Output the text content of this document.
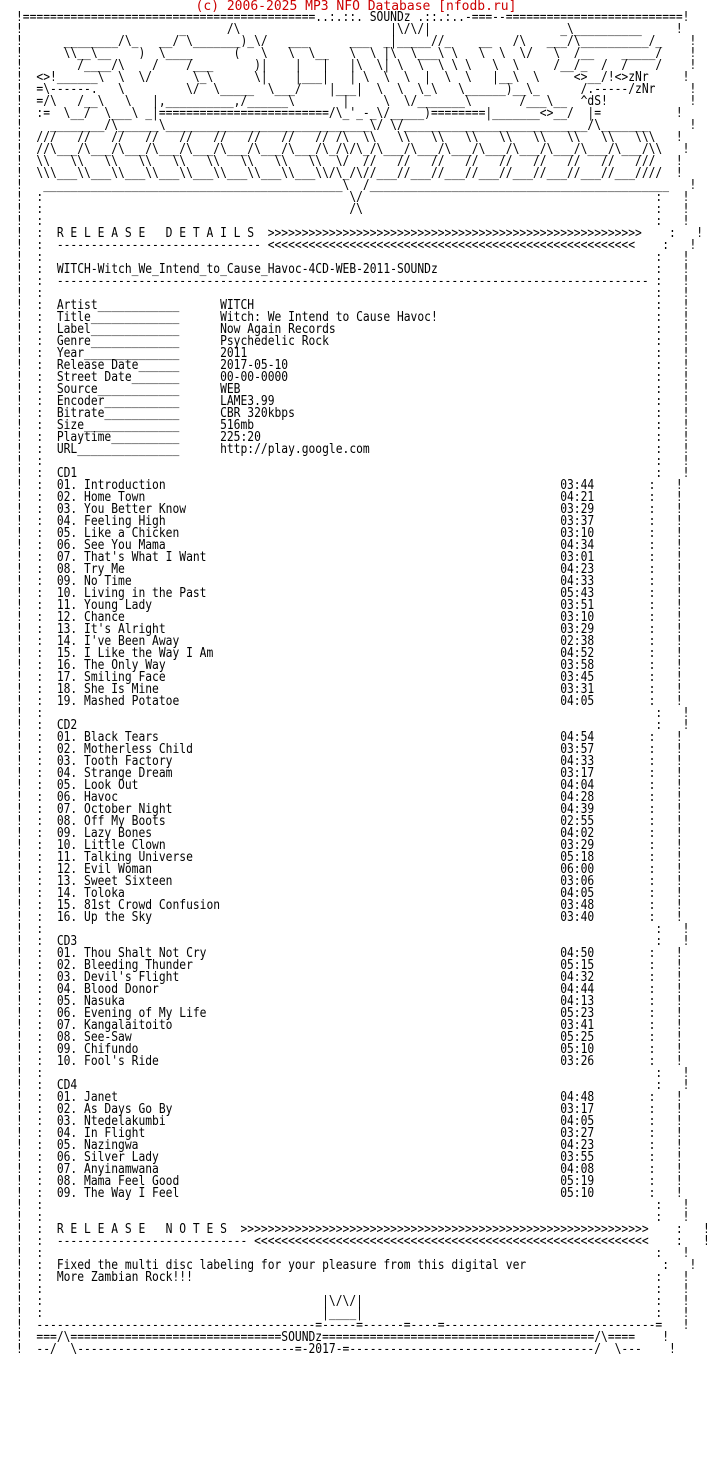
(c) 2006-2025 MP3 NFO Database [nfodb.ru]
!===========================================..:.::. SOUNDz .::.:..-===--==========================!
!                       _      /\                      |\/\/|                   _\__________     !
!      ________/\_   __/ \_______)_\/   ___      ___  _|_____//_    __   /\   ___/\__________/_    !
!      \\__\__    )  \____      (   \   \  \__   \  \ |\  \___\ \   \  \  \/   \  /__    _____/    !
!        /____/\    /    /___      )|    |   |   |\  \| \  \  \ \ \   \  \     /__/_  /  /    /    !
!  <>!______\  \  \/      \_\      \|    |___|   | \  \  \  |  \  \   |__\  \     <>__/!<>zNr     !
!  =\------.   \         \/  \_____  \___/    |___|  \  \  \_\   \______)__\_      /.-----/zNr     !
!  =/\   /__\   \   |,__________,/______\       |     \  \/_______\       /___\__  ^dS!            !
!  :=  \__/  \___\ _|=========================/\_'_-_\/_____)========|_______<>__/  |=           !
!    ________/\______\______________________________\/ \/___________________________/\_______      !
!  ///   //   //   //   //   //   //   //   // /\  \\   \\   \\   \\   \\   \\   \\   \\   \\\   !
!  //\___/\___/\___/\___/\___/\___/\___/\___/\_/\/\_/\___/\___/\___/\___/\___/\___/\___/\___/\\   !
!  \\   \\   \\   \\   \\   \\   \\   \\   \\  \/  //   //   //   //   //   //   //   //   ///   !
!  \\\___\\___\\___\\___\\___\\___\\___\\___\\/\_/\//___//___//___//___//___//___//___//___////  !
!   ____________________________________________\  /____________________________________________   !
!  :                                             \/                                           :   !
!  :                                             /\                                           :   !
!  :                                                                                          :   !
!  :  R E L E A S E   D E T A I L S  >>>>>>>>>>>>>>>>>>>>>>>>>>>>>>>>>>>>>>>>>>>>>>>>>>>>>>>    :   !
!  :  ------------------------------ <<<<<<<<<<<<<<<<<<<<<<<<<<<<<<<<<<<<<<<<<<<<<<<<<<<<<<    :   !
!  :                                                                                          :   !
!  :  WITCH-Witch_We_Intend_to_Cause_Havoc-4CD-WEB-2011-SOUNDz                                :   !
!  :  --------------------------------------------------------------------------------------- :   !
!  :                                                                                          :   !
!  :  Artist____________      WITCH                                                           :   !
!  :  Title_____________      Witch: We Intend to Cause Havoc!                                :   !
!  :  Label_____________      Now Again Records                                               :   !
!  :  Genre_____________      Psychedelic Rock                                                :   !
!  :  Year______________      2011                                                            :   !
!  :  Release Date______      2017-05-10                                                      :   !
!  :  Street Date_______      00-00-0000                                                      :   !
!  :  Source____________      WEB                                                             :   !
!  :  Encoder___________      LAME3.99                                                        :   !
!  :  Bitrate___________      CBR 320kbps                                                     :   !
!  :  Size______________      516mb                                                           :   !
!  :  Playtime__________      225:20                                                          :   !
!  :  URL_______________      http://play.google.com                                          :   !
!  :                                                                                          :   !
!  :  CD1                                                                                     :   !
!  :  01. Introduction                                                          03:44        :   !
!  :  02. Home Town                                                             04:21        :   !
!  :  03. You Better Know                                                       03:29        :   !
!  :  04. Feeling High                                                          03:37        :   !
!  :  05. Like a Chicken                                                        03:10        :   !
!  :  06. See You Mama                                                          04:34        :   !
!  :  07. That's What I Want                                                    03:01        :   !
!  :  08. Try Me                                                                04:23        :   !
!  :  09. No Time                                                               04:33        :   !
!  :  10. Living in the Past                                                    05:43        :   !
!  :  11. Young Lady                                                            03:51        :   !
!  :  12. Chance                                                                03:10        :   !
!  :  13. It's Alright                                                          03:29        :   !
!  :  14. I've Been Away                                                        02:38        :   !
!  :  15. I Like the Way I Am                                                   04:52        :   !
!  :  16. The Only Way                                                          03:58        :   !
!  :  17. Smiling Face                                                          03:45        :   !
!  :  18. She Is Mine                                                           03:31        :   !
!  :  19. Mashed Potatoe                                                        04:05        :   !
!  :                                                                                          :   !
!  :  CD2                                                                                     :   !
!  :  01. Black Tears                                                           04:54        :   !
!  :  02. Motherless Child                                                      03:57        :   !
!  :  03. Tooth Factory                                                         04:33        :   !
!  :  04. Strange Dream                                                         03:17        :   !
!  :  05. Look Out                                                              04:04        :   !
!  :  06. Havoc                                                                 04:28        :   !
!  :  07. October Night                                                         04:39        :   !
!  :  08. Off My Boots                                                          02:55        :   !
!  :  09. Lazy Bones                                                            04:02        :   !
!  :  10. Little Clown                                                          03:29        :   !
!  :  11. Talking Universe                                                      05:18        :   !
!  :  12. Evil Woman                                                            06:00        :   !
!  :  13. Sweet Sixteen                                                         03:06        :   !
!  :  14. Toloka                                                                04:05        :   !
!  :  15. 81st Crowd Confusion                                                  03:48        :   !
!  :  16. Up the Sky                                                            03:40        :   !
!  :                                                                                          :   !
!  :  CD3                                                                                     :   !
!  :  01. Thou Shalt Not Cry                                                    04:50        :   !
!  :  02. Bleeding Thunder                                                      05:15        :   !
!  :  03. Devil's Flight                                                        04:32        :   !
!  :  04. Blood Donor                                                           04:44        :   !
!  :  05. Nasuka                                                                04:13        :   !
!  :  06. Evening of My Life                                                    05:23        :   !
!  :  07. Kangalaitoito                                                         03:41        :   !
!  :  08. See-Saw                                                               05:25        :   !
!  :  09. Chifundo                                                              05:10        :   !
!  :  10. Fool's Ride                                                           03:26        :   !
!  :                                                                                          :   !
!  :  CD4                                                                                     :   !
!  :  01. Janet                                                                 04:48        :   !
!  :  02. As Days Go By                                                         03:17        :   !
!  :  03. Ntedelakumbi                                                          04:05        :   !
!  :  04. In Flight                                                             03:27        :   !
!  :  05. Nazingwa                                                              04:23        :   !
!  :  06. Silver Lady                                                           03:55        :   !
!  :  07. Anyinamwana                                                           04:08        :   !
!  :  08. Mama Feel Good                                                        05:19        :   !
!  :  09. The Way I Feel                                                        05:10        :   !
!  :                                                                                          :   !
!  :                                                                                          :   !
!  :  R E L E A S E   N O T E S  >>>>>>>>>>>>>>>>>>>>>>>>>>>>>>>>>>>>>>>>>>>>>>>>>>>>>>>>>>>>    :   !
!  :  ---------------------------- <<<<<<<<<<<<<<<<<<<<<<<<<<<<<<<<<<<<<<<<<<<<<<<<<<<<<<<<<<    :   !
!  :                                                                                          :   !
!  :  Fixed the multi disc labeling for your pleasure from this digital ver                    :   !
!  :  More Zambian Rock!!!                                                                    :   !
!  :                                                                                          :   !
!  :                                         |\/\/|                                           :   !
!  :                                         |____|                                           :   !
!  -----------------------------------------=-----=------=----=-------------------------------=   !
!  ===/\===============================SOUNDz========================================/\====    !
!  --/  \--------------------------------=-2017-=------------------------------------/  \---    !
